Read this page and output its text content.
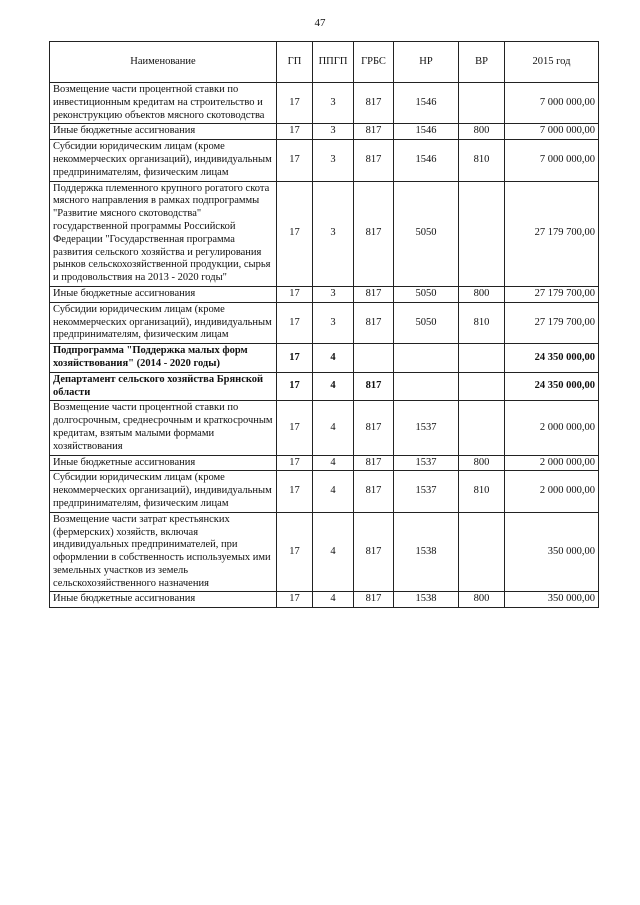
47
Наименование	ГП	ППГП	ГРБС	НР	ВР	2015 год
Возмещение части процентной ставки по инвестиционным кредитам на строительство и реконструкцию объектов мясного скотоводства	17	3	817	1546		7 000 000,00
Иные бюджетные ассигнования	17	3	817	1546	800	7 000 000,00
Субсидии юридическим лицам (кроме некоммерческих организаций), индивидуальным предпринимателям, физическим лицам	17	3	817	1546	810	7 000 000,00
Поддержка племенного крупного рогатого скота мясного направления в рамках подпрограммы "Развитие мясного скотоводства" государственной программы Российской Федерации "Государственная программа развития сельского хозяйства и регулирования рынков сельскохозяйственной продукции, сырья и продовольствия на 2013 - 2020 годы"	17	3	817	5050		27 179 700,00
Иные бюджетные ассигнования	17	3	817	5050	800	27 179 700,00
Субсидии юридическим лицам (кроме некоммерческих организаций), индивидуальным предпринимателям, физическим лицам	17	3	817	5050	810	27 179 700,00
Подпрограмма "Поддержка малых форм хозяйствования" (2014 - 2020 годы)	17	4				24 350 000,00
Департамент сельского хозяйства Брянской области	17	4	817			24 350 000,00
Возмещение части процентной ставки по долгосрочным, среднесрочным и краткосрочным кредитам, взятым малыми формами хозяйствования	17	4	817	1537		2 000 000,00
Иные бюджетные ассигнования	17	4	817	1537	800	2 000 000,00
Субсидии юридическим лицам (кроме некоммерческих организаций), индивидуальным предпринимателям, физическим лицам	17	4	817	1537	810	2 000 000,00
Возмещение части затрат крестьянских (фермерских) хозяйств, включая индивидуальных предпринимателей, при оформлении в собственность используемых ими земельных участков из земель сельскохозяйственного назначения	17	4	817	1538		350 000,00
Иные бюджетные ассигнования	17	4	817	1538	800	350 000,00
